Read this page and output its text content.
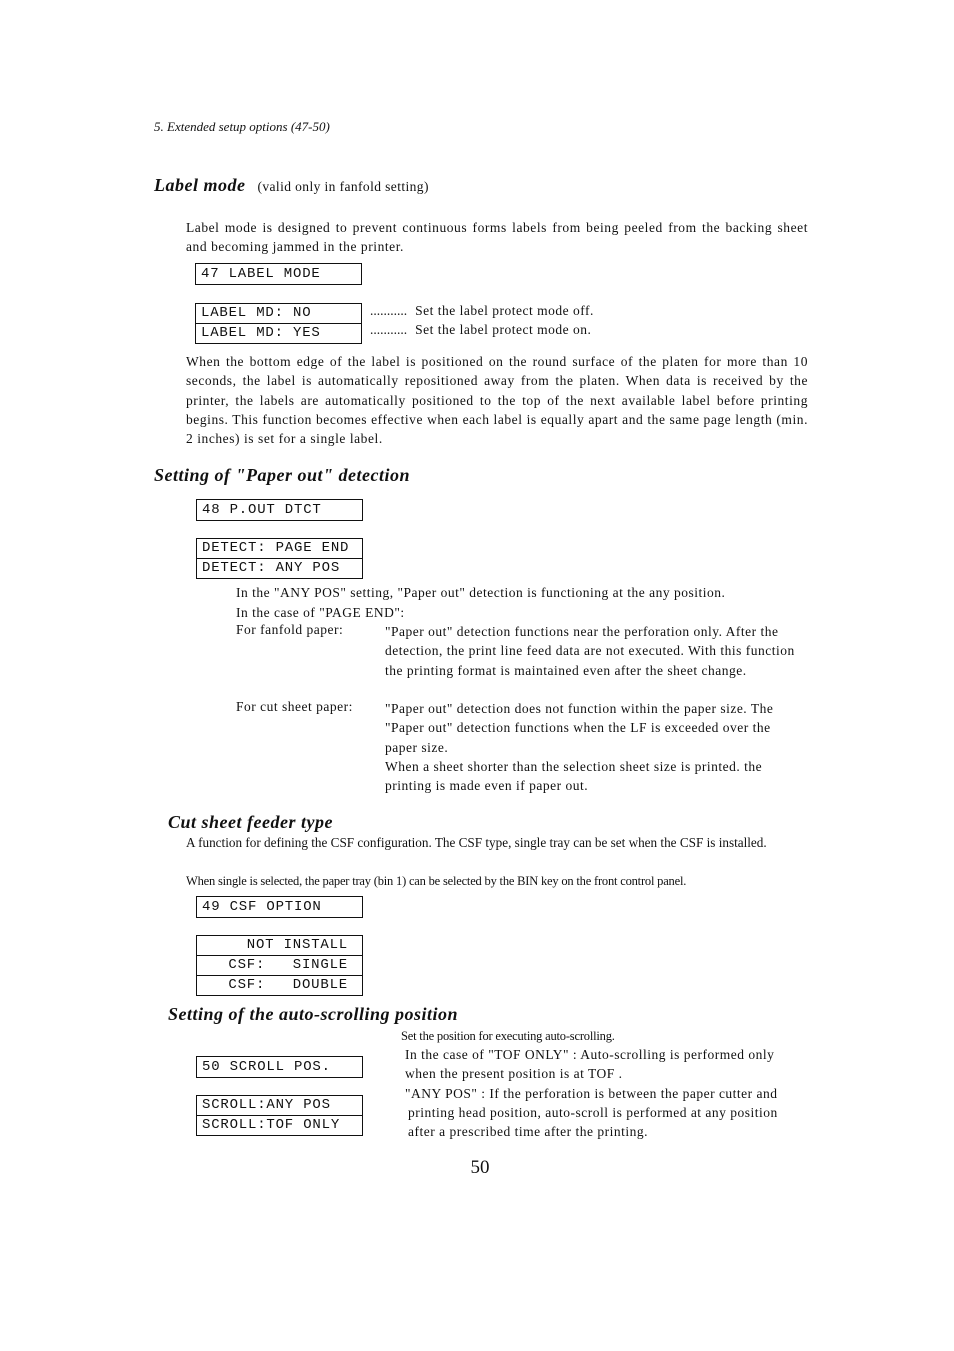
5. Extended setup options (47-50)
Label mode (valid only in fanfold setting)
Label mode is designed to prevent continuous forms labels from being peeled from the backing sheet and becoming jammed in the printer.
47 LABEL MODE
LABEL MD: NO
LABEL MD: YES
........... Set the label protect mode off.
........... Set the label protect mode on.
When the bottom edge of the label is positioned on the round surface of the platen for more than 10 seconds, the label is automatically repositioned away from the platen. When data is received by the printer, the labels are automatically positioned to the top of the next available label before printing begins. This function becomes effective when each label is equally apart and the same page length (min. 2 inches) is set for a single label.
Setting of "Paper out" detection
48 P.OUT DTCT
DETECT: PAGE END
DETECT: ANY POS
In the "ANY POS" setting, "Paper out" detection is functioning at the any position.
In the case of "PAGE END":
For fanfold paper:	"Paper out" detection functions near the perforation only. After the detection, the print line feed data are not executed. With this function the printing format is maintained even after the sheet change.
For cut sheet paper: "Paper out" detection does not function within the paper size. The "Paper out" detection functions when the LF is exceeded over the paper size.
When a sheet shorter than the selection sheet size is printed. the printing is made even if paper out.
Cut sheet feeder type
A function for defining the CSF configuration. The CSF type, single tray can be set when the CSF is installed.
When single is selected, the paper tray (bin 1) can be selected by the BIN key on the front control panel.
49 CSF OPTION
NOT INSTALL
CSF:   SINGLE
CSF:   DOUBLE
Setting of the auto-scrolling position
Set the position for executing auto-scrolling.
In the case of "TOF ONLY" : Auto-scrolling is performed only when the present position is at TOF .
"ANY POS" : If the perforation is between the paper cutter and
printing head position, auto-scroll is performed at any position
after a prescribed time after the printing.
50 SCROLL POS.
SCROLL:ANY POS
SCROLL:TOF ONLY
50
